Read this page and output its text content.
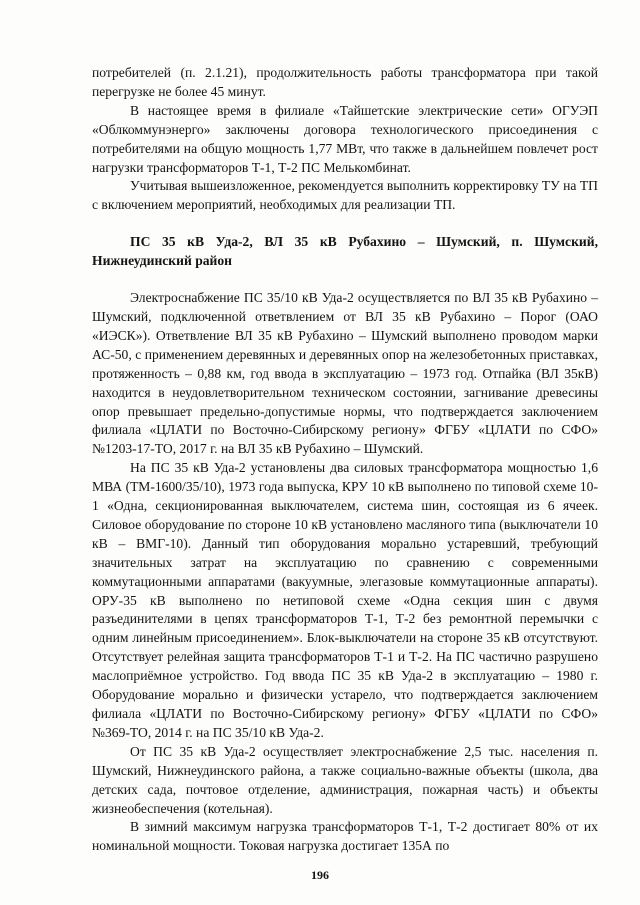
потребителей (п. 2.1.21), продолжительность работы трансформатора при такой перегрузке не более 45 минут.

В настоящее время в филиале «Тайшетские электрические сети» ОГУЭП «Облкоммунэнерго» заключены договора технологического присоединения с потребителями на общую мощность 1,77 МВт, что также в дальнейшем повлечет рост нагрузки трансформаторов Т-1, Т-2 ПС Мелькомбинат.

Учитывая вышеизложенное, рекомендуется выполнить корректировку ТУ на ТП с включением мероприятий, необходимых для реализации ТП.

ПС 35 кВ Уда-2, ВЛ 35 кВ Рубахино – Шумский, п. Шумский, Нижнеудинский район

Электроснабжение ПС 35/10 кВ Уда-2 осуществляется по ВЛ 35 кВ Рубахино – Шумский, подключенной ответвлением от ВЛ 35 кВ Рубахино – Порог (ОАО «ИЭСК»). Ответвление ВЛ 35 кВ Рубахино – Шумский выполнено проводом марки АС-50, с применением деревянных и деревянных опор на железобетонных приставках, протяженность – 0,88 км, год ввода в эксплуатацию – 1973 год. Отпайка (ВЛ 35кВ) находится в неудовлетворительном техническом состоянии, загнивание древесины опор превышает предельно-допустимые нормы, что подтверждается заключением филиала «ЦЛАТИ по Восточно-Сибирскому региону» ФГБУ «ЦЛАТИ по СФО» №1203-17-ТО, 2017 г. на ВЛ 35 кВ Рубахино – Шумский.

На ПС 35 кВ Уда-2 установлены два силовых трансформатора мощностью 1,6 МВА (ТМ-1600/35/10), 1973 года выпуска, КРУ 10 кВ выполнено по типовой схеме 10-1 «Одна, секционированная выключателем, система шин, состоящая из 6 ячеек. Силовое оборудование по стороне 10 кВ установлено масляного типа (выключатели 10 кВ – ВМГ-10). Данный тип оборудования морально устаревший, требующий значительных затрат на эксплуатацию по сравнению с современными коммутационными аппаратами (вакуумные, элегазовые коммутационные аппараты). ОРУ-35 кВ выполнено по нетиповой схеме «Одна секция шин с двумя разъединителями в цепях трансформаторов Т-1, Т-2 без ремонтной перемычки с одним линейным присоединением». Блок-выключатели на стороне 35 кВ отсутствуют. Отсутствует релейная защита трансформаторов Т-1 и Т-2. На ПС частично разрушено маслоприёмное устройство. Год ввода ПС 35 кВ Уда-2 в эксплуатацию – 1980 г. Оборудование морально и физически устарело, что подтверждается заключением филиала «ЦЛАТИ по Восточно-Сибирскому региону» ФГБУ «ЦЛАТИ по СФО» №369-ТО, 2014 г. на ПС 35/10 кВ Уда-2.

От ПС 35 кВ Уда-2 осуществляет электроснабжение 2,5 тыс. населения п. Шумский, Нижнеудинского района, а также социально-важные объекты (школа, два детских сада, почтовое отделение, администрация, пожарная часть) и объекты жизнеобеспечения (котельная).

В зимний максимум нагрузка трансформаторов Т-1, Т-2 достигает 80% от их номинальной мощности. Токовая нагрузка достигает 135А по

196
